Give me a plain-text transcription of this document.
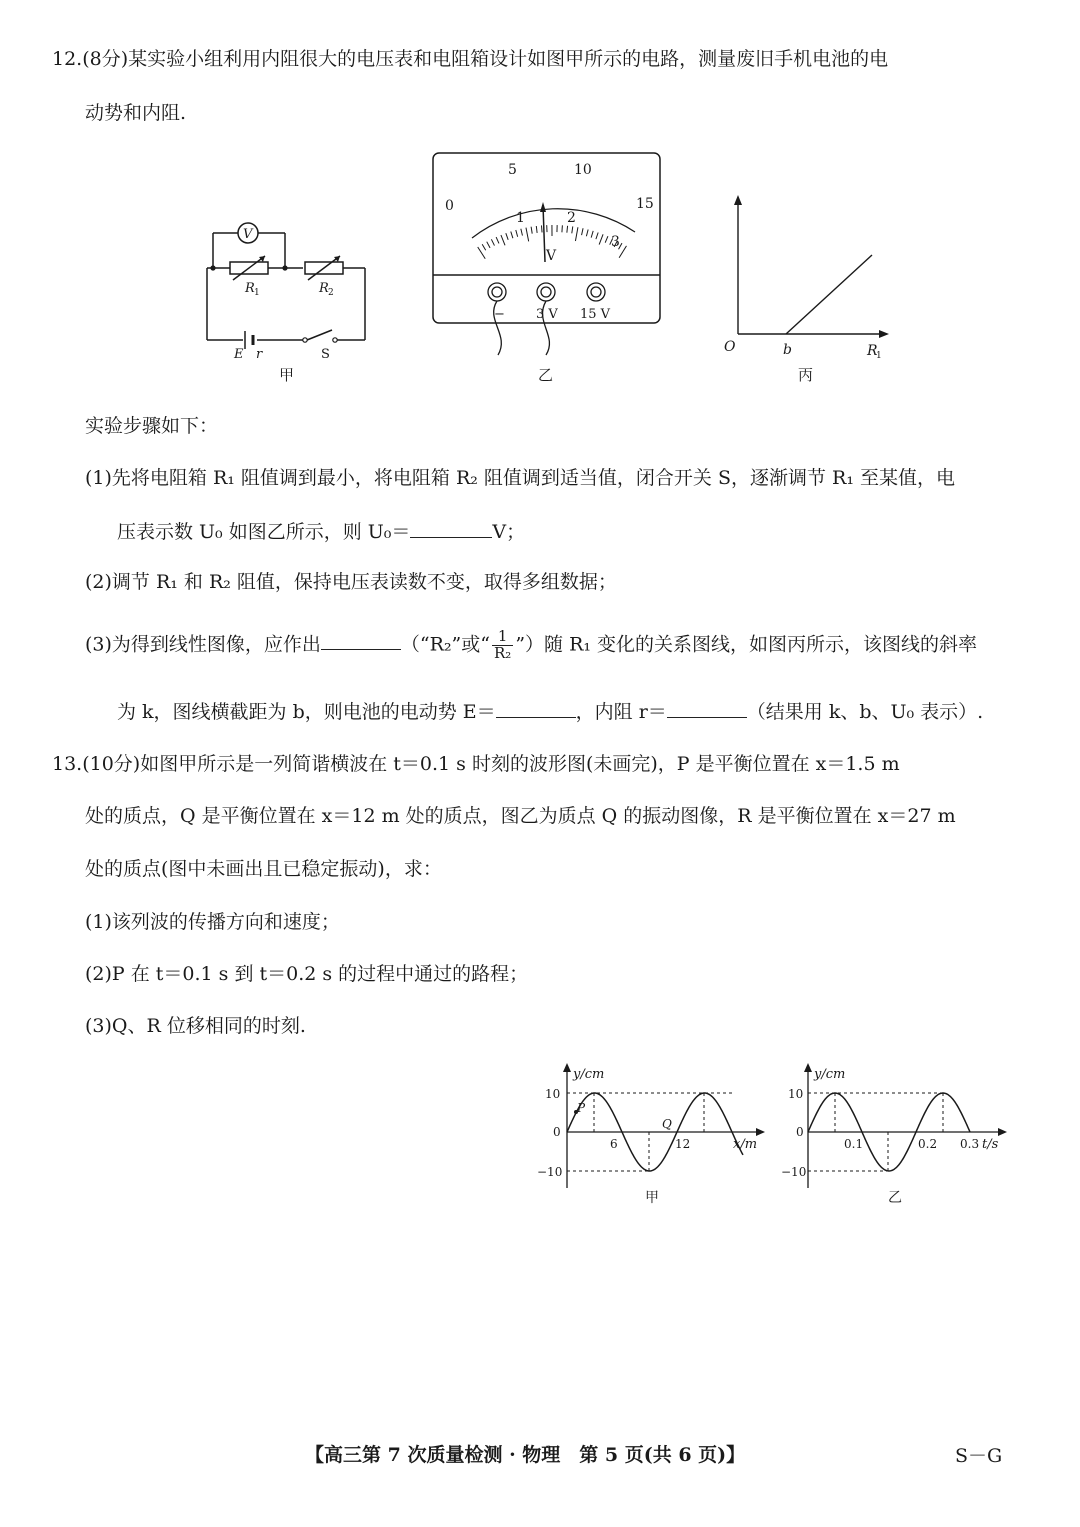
12.(8分)某实验小组利用内阻很大的电压表和电阻箱设计如图甲所示的电路，测量废旧手机电池的电
动势和内阻.
V
R 1	R 2
E r	S
甲
0
5	10
15
1	2
3
V
− 3 V 15 V
乙
O	b	R
1
丙
实验步骤如下：
(1)先将电阻箱 R₁ 阻值调到最小，将电阻箱 R₂ 阻值调到适当值，闭合开关 S，逐渐调节 R₁ 至某值，电
压表示数 U₀ 如图乙所示，则 U₀＝	V；
(2)调节 R₁ 和 R₂ 阻值，保持电压表读数不变，取得多组数据；
(3)为得到线性图像，应作出	（“R₂”或“ $\frac{1}{\text{R₂}}$ ”）随 R₁ 变化的关系图线，如图丙所示，该图线的斜率
为 k，图线横截距为 b，则电池的电动势 E＝	，内阻 r＝	（结果用 k、b、U₀ 表示）.
13.(10分)如图甲所示是一列简谐横波在 t＝0.1 s 时刻的波形图(未画完)，P 是平衡位置在 x＝1.5 m
处的质点，Q 是平衡位置在 x＝12 m 处的质点，图乙为质点 Q 的振动图像，R 是平衡位置在 x＝27 m
处的质点(图中未画出且已稳定振动)，求：
(1)该列波的传播方向和速度；
(2)P 在 t＝0.1 s 到 t＝0.2 s 的过程中通过的路程；
(3)Q、R 位移相同的时刻.
y/cm
10
0
−10
6	12	x/m
P
Q
甲
y/cm
10
0
−10
0.1	0.2 0.3 t/s
乙
【高三第 7 次质量检测 · 物理　第 5 页(共 6 页)】	S－G
